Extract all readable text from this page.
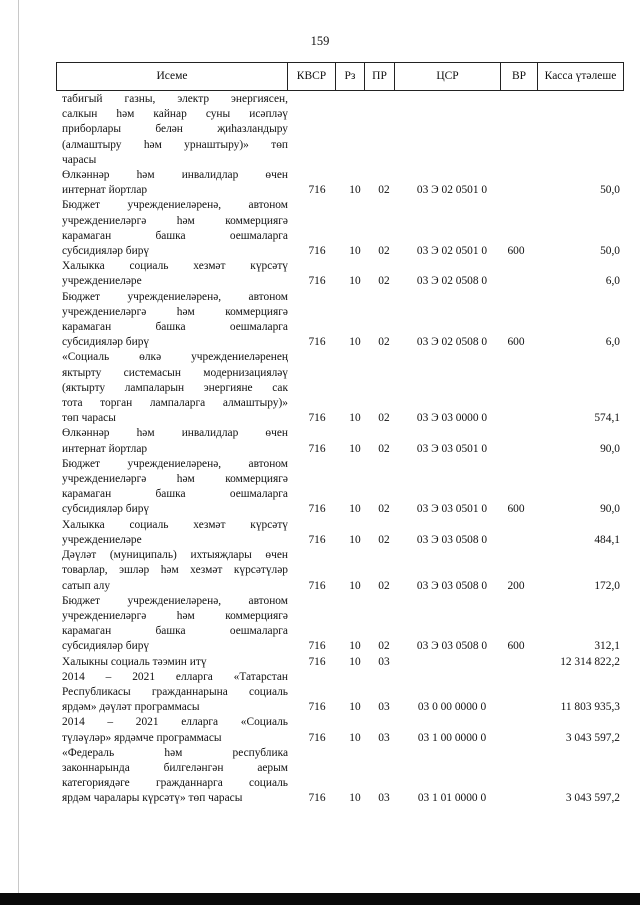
159
Исеме	КВСР	Рз	ПР	ЦСР	ВР	Касса үтәлеше
табигый газны, электр энергиясен,
салкын һәм кайнар суны исәпләү
приборлары белән җиһазландыру
(алмаштыру һәм урнаштыру)» төп
чарасы
Өлкәннәр һәм инвалидлар өчен
интернат йортлар	716	10	02	03 Э 02 0501 0	50,0
Бюджет учреждениеләренә, автоном
учреждениеләргә һәм коммерциягә
карамаган башка оешмаларга
субсидияләр бирү	716	10	02	03 Э 02 0501 0	600	50,0
Халыкка социаль хезмәт күрсәтү
учреждениеләре	716	10	02	03 Э 02 0508 0	6,0
Бюджет учреждениеләренә, автоном
учреждениеләргә һәм коммерциягә
карамаган башка оешмаларга
субсидияләр бирү	716	10	02	03 Э 02 0508 0	600	6,0
«Социаль өлкә учреждениеләренең
яктырту системасын модернизацияләү
(яктырту лампаларын энергияне сак
тота торган лампаларга алмаштыру)»
төп чарасы	716	10	02	03 Э 03 0000 0	574,1
Өлкәннәр һәм инвалидлар өчен
интернат йортлар	716	10	02	03 Э 03 0501 0	90,0
Бюджет учреждениеләренә, автоном
учреждениеләргә һәм коммерциягә
карамаган башка оешмаларга
субсидияләр бирү	716	10	02	03 Э 03 0501 0	600	90,0
Халыкка социаль хезмәт күрсәтү
учреждениеләре	716	10	02	03 Э 03 0508 0	484,1
Дәүләт (муниципаль) ихтыяҗлары өчен
товарлар, эшләр һәм хезмәт күрсәтүләр
сатып алу	716	10	02	03 Э 03 0508 0	200	172,0
Бюджет учреждениеләренә, автоном
учреждениеләргә һәм коммерциягә
карамаган башка оешмаларга
субсидияләр бирү	716	10	02	03 Э 03 0508 0	600	312,1
Халыкны социаль тәэмин итү	716	10	03	12 314 822,2
2014 – 2021 елларга «Татарстан
Республикасы гражданнарына социаль
ярдәм» дәүләт программасы	716	10	03	03 0 00 0000 0	11 803 935,3
2014 – 2021 елларга «Социаль
түләүләр» ярдәмче программасы	716	10	03	03 1 00 0000 0	3 043 597,2
«Федераль һәм республика
законнарында билгеләнгән аерым
категориядәге гражданнарга социаль
ярдәм чаралары күрсәтү» төп чарасы	716	10	03	03 1 01 0000 0	3 043 597,2
